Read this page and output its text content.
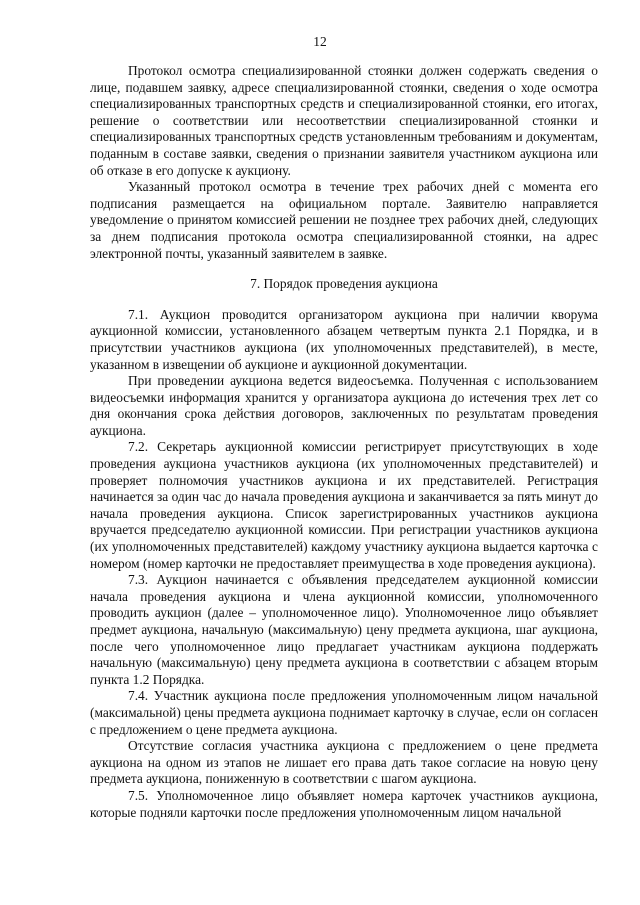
12

Протокол осмотра специализированной стоянки должен содержать сведения о лице, подавшем заявку, адресе специализированной стоянки, сведения о ходе осмотра специализированных транспортных средств и специализированной стоянки, его итогах, решение о соответствии или несоответствии специализированной стоянки и специализированных транспортных средств установленным требованиям и документам, поданным в составе заявки, сведения о признании заявителя участником аукциона или об отказе в его допуске к аукциону.

Указанный протокол осмотра в течение трех рабочих дней с момента его подписания размещается на официальном портале. Заявителю направляется уведомление о принятом комиссией решении не позднее трех рабочих дней, следующих за днем подписания протокола осмотра специализированной стоянки, на адрес электронной почты, указанный заявителем в заявке.

7. Порядок проведения аукциона

7.1. Аукцион проводится организатором аукциона при наличии кворума аукционной комиссии, установленного абзацем четвертым пункта 2.1 Порядка, и в присутствии участников аукциона (их уполномоченных представителей), в месте, указанном в извещении об аукционе и аукционной документации.

При проведении аукциона ведется видеосъемка. Полученная с использованием видеосъемки информация хранится у организатора аукциона до истечения трех лет со дня окончания срока действия договоров, заключенных по результатам проведения аукциона.

7.2. Секретарь аукционной комиссии регистрирует присутствующих в ходе проведения аукциона участников аукциона (их уполномоченных представителей) и проверяет полномочия участников аукциона и их представителей. Регистрация начинается за один час до начала проведения аукциона и заканчивается за пять минут до начала проведения аукциона. Список зарегистрированных участников аукциона вручается председателю аукционной комиссии. При регистрации участников аукциона (их уполномоченных представителей) каждому участнику аукциона выдается карточка с номером (номер карточки не предоставляет преимущества в ходе проведения аукциона).

7.3. Аукцион начинается с объявления председателем аукционной комиссии начала проведения аукциона и члена аукционной комиссии, уполномоченного проводить аукцион (далее – уполномоченное лицо). Уполномоченное лицо объявляет предмет аукциона, начальную (максимальную) цену предмета аукциона, шаг аукциона, после чего уполномоченное лицо предлагает участникам аукциона поддержать начальную (максимальную) цену предмета аукциона в соответствии с абзацем вторым пункта 1.2 Порядка.

7.4. Участник аукциона после предложения уполномоченным лицом начальной (максимальной) цены предмета аукциона поднимает карточку в случае, если он согласен с предложением о цене предмета аукциона.

Отсутствие согласия участника аукциона с предложением о цене предмета аукциона на одном из этапов не лишает его права дать такое согласие на новую цену предмета аукциона, пониженную в соответствии с шагом аукциона.

7.5. Уполномоченное лицо объявляет номера карточек участников аукциона, которые подняли карточки после предложения уполномоченным лицом начальной
